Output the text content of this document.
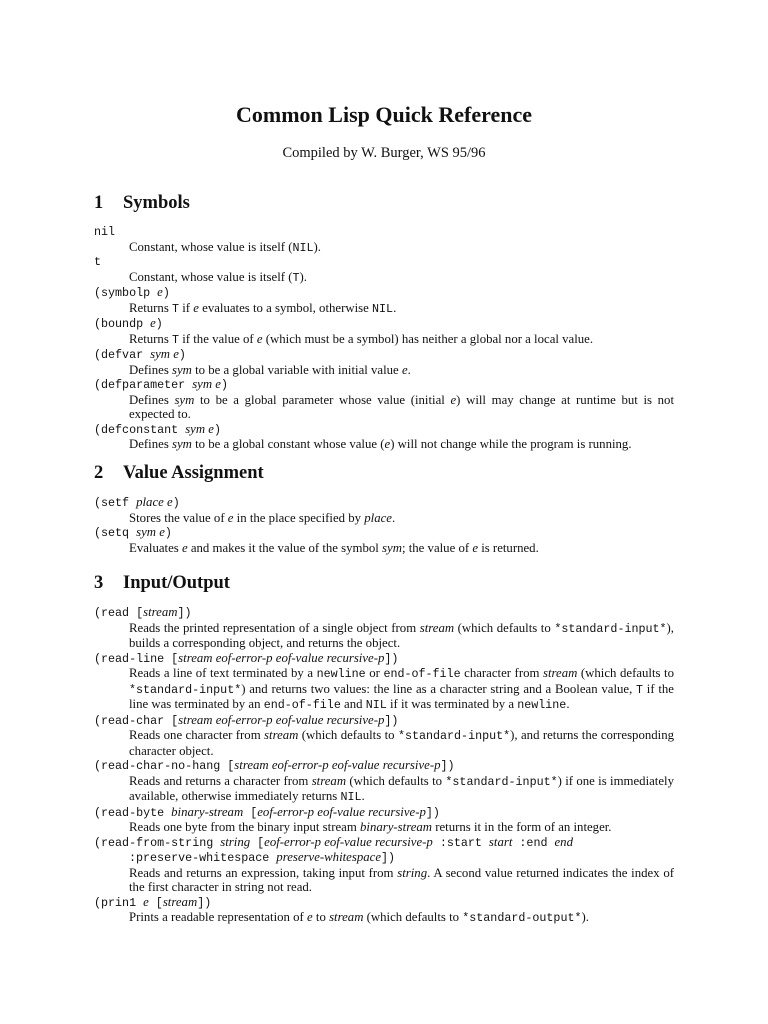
Common Lisp Quick Reference
Compiled by W. Burger, WS 95/96
1 Symbols
nil
Constant, whose value is itself (NIL).
t
Constant, whose value is itself (T).
(symbolp e)
Returns T if e evaluates to a symbol, otherwise NIL.
(boundp e)
Returns T if the value of e (which must be a symbol) has neither a global nor a local value.
(defvar sym e)
Defines sym to be a global variable with initial value e.
(defparameter sym e)
Defines sym to be a global parameter whose value (initial e) will may change at runtime but is not expected to.
(defconstant sym e)
Defines sym to be a global constant whose value (e) will not change while the program is running.
2 Value Assignment
(setf place e)
Stores the value of e in the place specified by place.
(setq sym e)
Evaluates e and makes it the value of the symbol sym; the value of e is returned.
3 Input/Output
(read [stream])
Reads the printed representation of a single object from stream (which defaults to *standard-input*), builds a corresponding object, and returns the object.
(read-line [stream eof-error-p eof-value recursive-p])
Reads a line of text terminated by a newline or end-of-file character from stream (which defaults to *standard-input*) and returns two values: the line as a character string and a Boolean value, T if the line was terminated by an end-of-file and NIL if it was terminated by a newline.
(read-char [stream eof-error-p eof-value recursive-p])
Reads one character from stream (which defaults to *standard-input*), and returns the corresponding character object.
(read-char-no-hang [stream eof-error-p eof-value recursive-p])
Reads and returns a character from stream (which defaults to *standard-input*) if one is immediately available, otherwise immediately returns NIL.
(read-byte binary-stream [eof-error-p eof-value recursive-p])
Reads one byte from the binary input stream binary-stream returns it in the form of an integer.
(read-from-string string [eof-error-p eof-value recursive-p :start start :end end
:preserve-whitespace preserve-whitespace])
Reads and returns an expression, taking input from string. A second value returned indicates the index of the first character in string not read.
(prin1 e [stream])
Prints a readable representation of e to stream (which defaults to *standard-output*).
